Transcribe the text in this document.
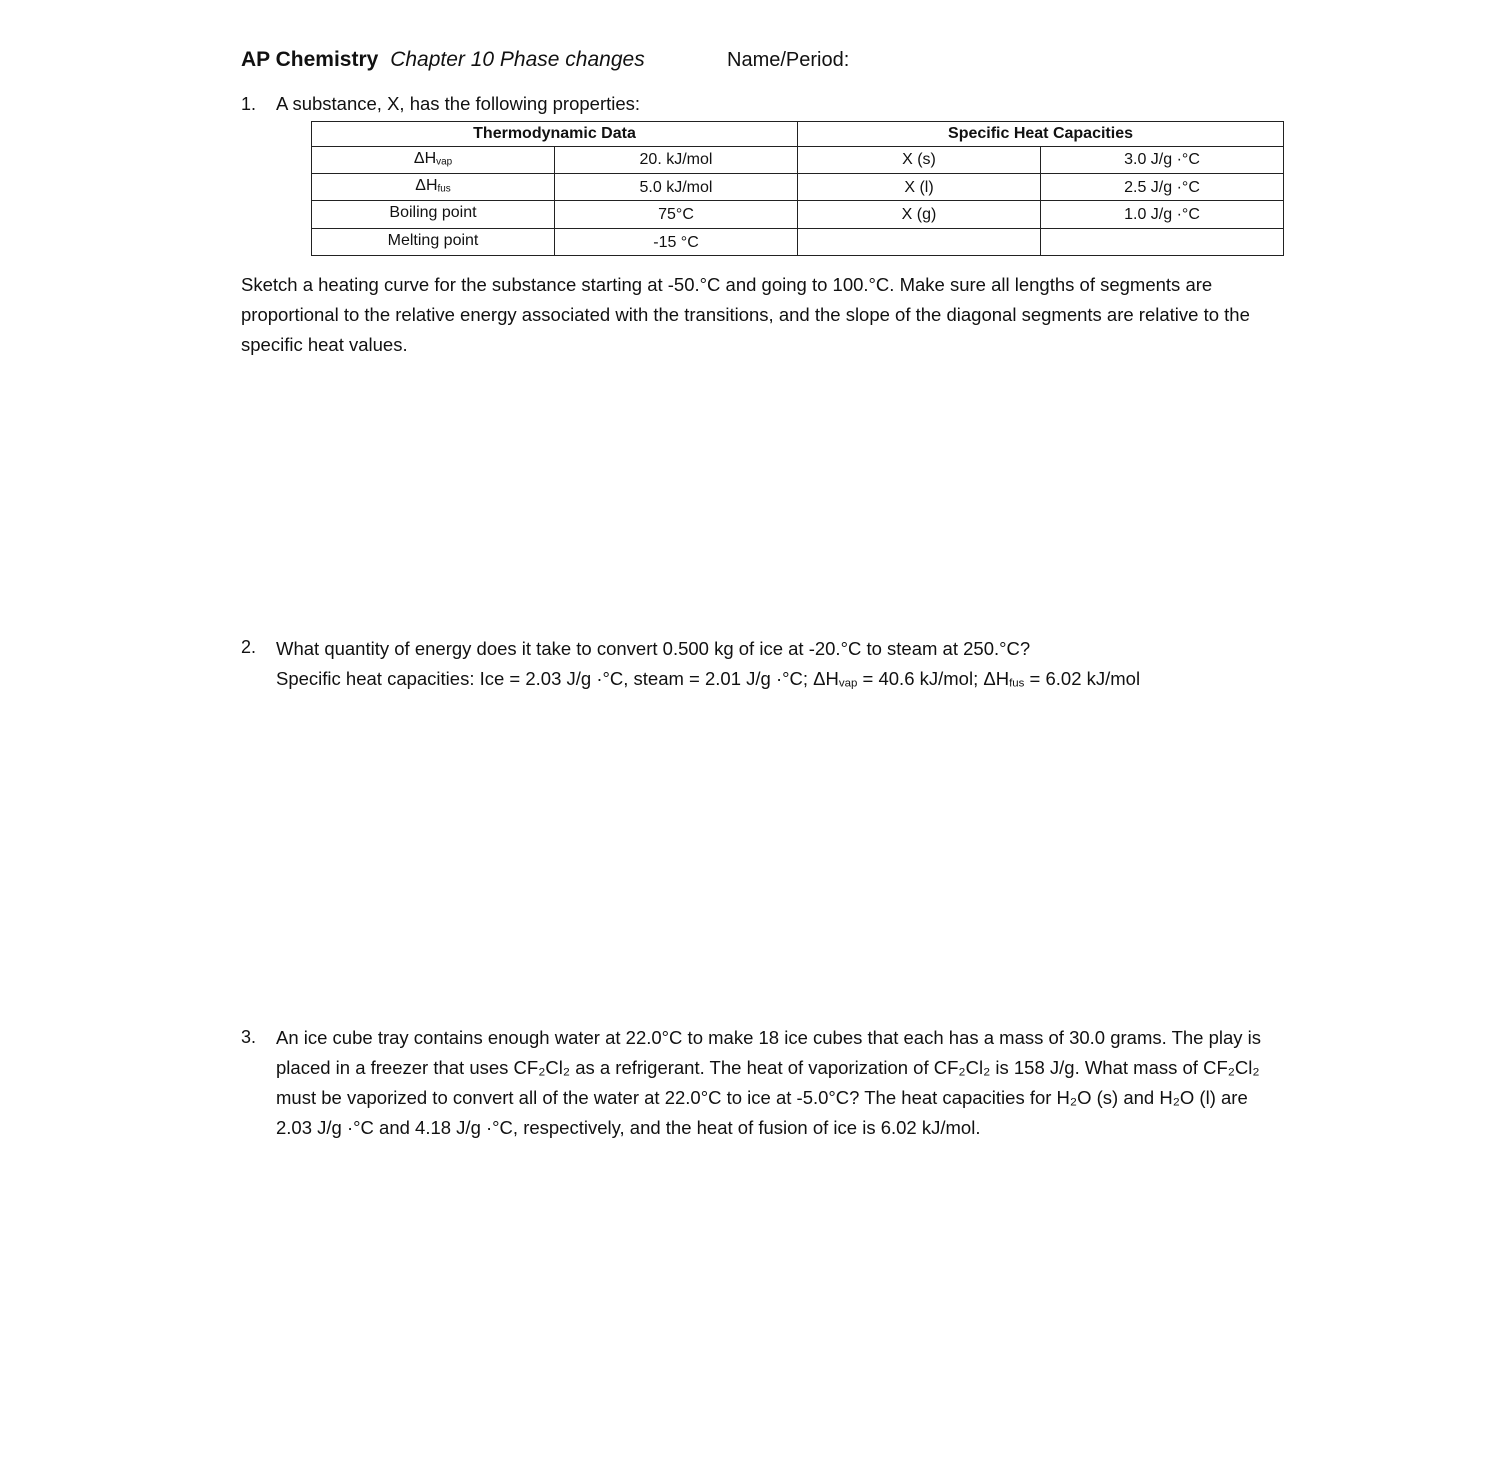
AP Chemistry Chapter 10 Phase changes	Name/Period:
1. A substance, X, has the following properties:
Thermodynamic Data		Specific Heat Capacities	
$\Delta H_{vap}$	20. kJ/mol	X (s)	3.0 J/g ·°C
$\Delta H_{fus}$	5.0 kJ/mol	X (l)	2.5 J/g ·°C
Boiling point	75°C	X (g)	1.0 J/g ·°C
Melting point	-15 °C		
Sketch a heating curve for the substance starting at -50.°C and going to 100.°C. Make sure all lengths of segments are proportional to the relative energy associated with the transitions, and the slope of the diagonal segments are relative to the specific heat values.
2. What quantity of energy does it take to convert 0.500 kg of ice at -20.°C to steam at 250.°C?
Specific heat capacities: Ice = 2.03 J/g ·°C, steam = 2.01 J/g ·°C; $\Delta H_{vap} = 40.6$ kJ/mol; $\Delta H_{fus} = 6.02$ kJ/mol
3. An ice cube tray contains enough water at 22.0°C to make 18 ice cubes that each has a mass of 30.0 grams. The play is placed in a freezer that uses CF₂Cl₂ as a refrigerant. The heat of vaporization of CF₂Cl₂ is 158 J/g. What mass of CF₂Cl₂ must be vaporized to convert all of the water at 22.0°C to ice at -5.0°C? The heat capacities for H₂O (s) and H₂O (l) are 2.03 J/g ·°C and 4.18 J/g ·°C, respectively, and the heat of fusion of ice is 6.02 kJ/mol.
